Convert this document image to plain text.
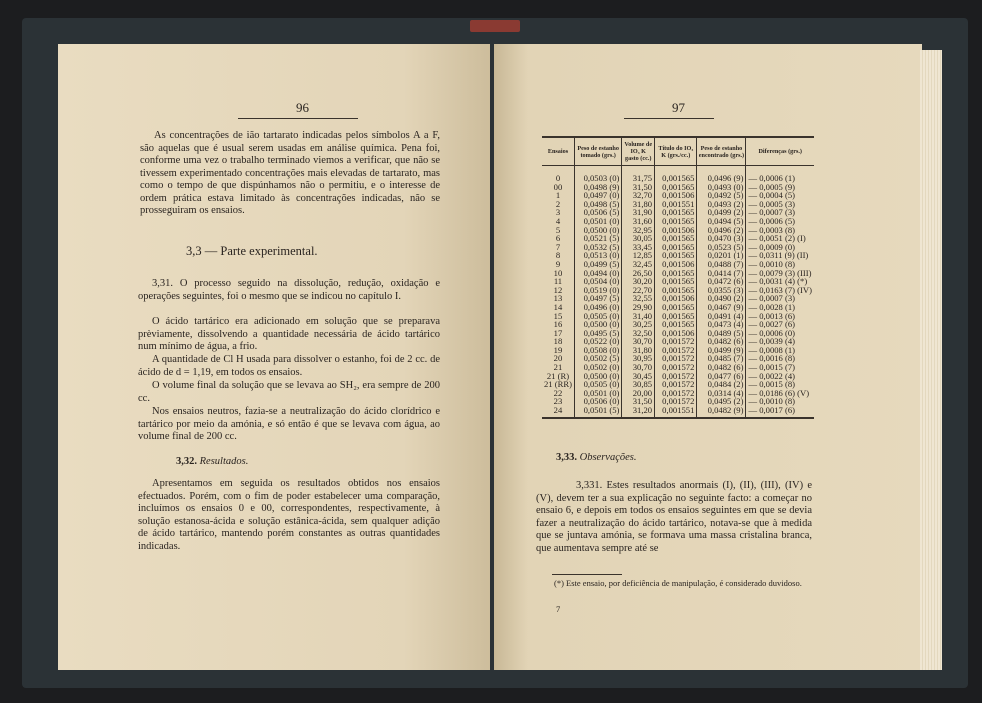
96
As concentrações de ião tartarato indicadas pelos símbolos A a F, são aquelas que é usual serem usadas em análise química. Pena foi, conforme uma vez o trabalho terminado viemos a verificar, que não se tivessem experimentado concentrações mais elevadas de tartarato, mas como o tempo de que dispúnhamos não o permitiu, e o interesse de ordem prática estava limitado às concentrações indicadas, não se prosseguiram os ensaios.
3,3 — Parte experimental.
3,31. O processo seguido na dissolução, redução, oxidação e operações seguintes, foi o mesmo que se indicou no capítulo I.
O ácido tartárico era adicionado em solução que se preparava prèviamente, dissolvendo a quantidade necessária de ácido tartárico num mínimo de água, a frio.
A quantidade de Cl H usada para dissolver o estanho, foi de 2 cc. de ácido de d = 1,19, em todos os ensaios.
O volume final da solução que se levava ao SH₂, era sempre de 200 cc.
Nos ensaios neutros, fazia-se a neutralização do ácido clorídrico e tartárico por meio da amónia, e só então é que se levava com água, ao volume final de 200 cc.
3,32. Resultados.
Apresentamos em seguida os resultados obtidos nos ensaios efectuados. Porém, com o fim de poder estabelecer uma comparação, incluímos os ensaios 0 e 00, correspondentes, respectivamente, à solução estanosa-ácida e solução estânica-ácida, sem qualquer adição de ácido tartárico, mantendo porém constantes as outras quantidades indicadas.
97
Ensaios	Peso de estanho tomado (grs.)	Volume de IO₃ K gasto (cc.)	Título do IO₃ K (grs./cc.)	Peso de estanho encontrado (grs.)	Diferenças (grs.)

0	0,0503 (0)	31,75	0,001565	0,0496 (9)	— 0,0006 (1)
00	0,0498 (9)	31,50	0,001565	0,0493 (0)	— 0,0005 (9)
1	0,0497 (0)	32,70	0,001506	0,0492 (5)	— 0,0004 (5)
2	0,0498 (5)	31,80	0,001551	0,0493 (2)	— 0,0005 (3)
3	0,0506 (5)	31,90	0,001565	0,0499 (2)	— 0,0007 (3)
4	0,0501 (0)	31,60	0,001565	0,0494 (5)	— 0,0006 (5)
5	0,0500 (0)	32,95	0,001506	0,0496 (2)	— 0,0003 (8)
6	0,0521 (5)	30,05	0,001565	0,0470 (3)	— 0,0051 (2) (I)
7	0,0532 (5)	33,45	0,001565	0,0523 (5)	— 0,0009 (0)
8	0,0513 (0)	12,85	0,001565	0,0201 (1)	— 0,0311 (9) (II)
9	0,0499 (5)	32,45	0,001506	0,0488 (7)	— 0,0010 (8)
10	0,0494 (0)	26,50	0,001565	0,0414 (7)	— 0,0079 (3) (III)
11	0,0504 (0)	30,20	0,001565	0,0472 (6)	— 0,0031 (4) (*)
12	0,0519 (0)	22,70	0,001565	0,0355 (3)	— 0,0163 (7) (IV)
13	0,0497 (5)	32,55	0,001506	0,0490 (2)	— 0,0007 (3)
14	0,0496 (0)	29,90	0,001565	0,0467 (9)	— 0,0028 (1)
15	0,0505 (0)	31,40	0,001565	0,0491 (4)	— 0,0013 (6)
16	0,0500 (0)	30,25	0,001565	0,0473 (4)	— 0,0027 (6)
17	0,0495 (5)	32,50	0,001506	0,0489 (5)	— 0,0006 (0)
18	0,0522 (0)	30,70	0,001572	0,0482 (6)	— 0,0039 (4)
19	0,0508 (0)	31,80	0,001572	0,0499 (9)	— 0,0008 (1)
20	0,0502 (5)	30,95	0,001572	0,0485 (7)	— 0,0016 (8)
21	0,0502 (0)	30,70	0,001572	0,0482 (6)	— 0,0015 (7)
21 (R)	0,0500 (0)	30,45	0,001572	0,0477 (6)	— 0,0022 (4)
21 (RR)	0,0505 (0)	30,85	0,001572	0,0484 (2)	— 0,0015 (8)
22	0,0501 (0)	20,00	0,001572	0,0314 (4)	— 0,0186 (6) (V)
23	0,0506 (0)	31,50	0,001572	0,0495 (2)	— 0,0010 (8)
24	0,0501 (5)	31,20	0,001551	0,0482 (9)	— 0,0017 (6)
3,33. Observações.
3,331. Estes resultados anormais (I), (II), (III), (IV) e (V), devem ter a sua explicação no seguinte facto: a começar no ensaio 6, e depois em todos os ensaios seguintes em que se devia fazer a neutralização do ácido tartárico, notava-se que à medida que se juntava amónia, se formava uma massa cristalina branca, que aumentava sempre até se
(*) Este ensaio, por deficiência de manipulação, é considerado duvidoso.
7
